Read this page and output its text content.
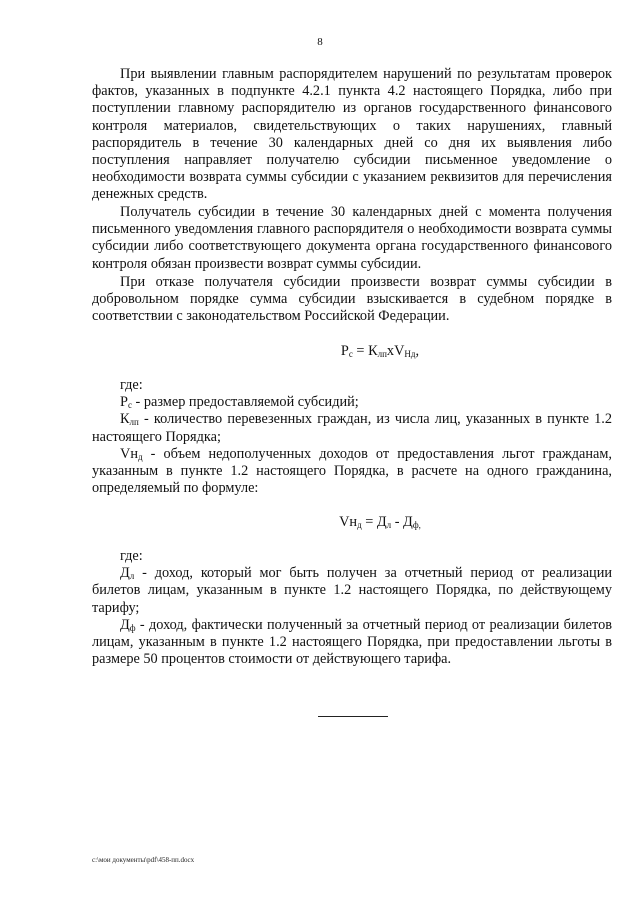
8

При выявлении главным распорядителем нарушений по результатам проверок фактов, указанных в подпункте 4.2.1 пункта 4.2 настоящего Порядка, либо при поступлении главному распорядителю из органов государственного финансового контроля материалов, свидетельствующих о таких нарушениях, главный распорядитель в течение 30 календарных дней со дня их выявления либо поступления направляет получателю субсидии письменное уведомление о необходимости возврата суммы субсидии с указанием реквизитов для перечисления денежных средств.

Получатель субсидии в течение 30 календарных дней с момента получения письменного уведомления главного распорядителя о необходимости возврата суммы субсидии либо соответствующего документа органа государственного финансового контроля обязан произвести возврат суммы субсидии.

При отказе получателя субсидии произвести возврат суммы субсидии в добровольном порядке сумма субсидии взыскивается в судебном порядке в соответствии с законодательством Российской Федерации.

$P_c = К_{лп}хV_{Нд}$,

где:

$P_с$ - размер предоставляемой субсидий;

$К_{лп}$ - количество перевезенных граждан, из числа лиц, указанных в пункте 1.2 настоящего Порядка;

$Vн_д$ - объем недополученных доходов от предоставления льгот гражданам, указанным в пункте 1.2 настоящего Порядка, в расчете на одного гражданина, определяемый по формуле:

$Vн_д = Д_л - Д_{ф,}$

где:

$Д_л$ - доход, который мог быть получен за отчетный период от реализации билетов лицам, указанным в пункте 1.2 настоящего Порядка, по действующему тарифу;

$Д_ф$ - доход, фактически полученный за отчетный период от реализации билетов лицам, указанным в пункте 1.2 настоящего Порядка, при предоставлении льготы в размере 50 процентов стоимости от действующего тарифа.

c:\мои документы\pdf\458-пп.docx
